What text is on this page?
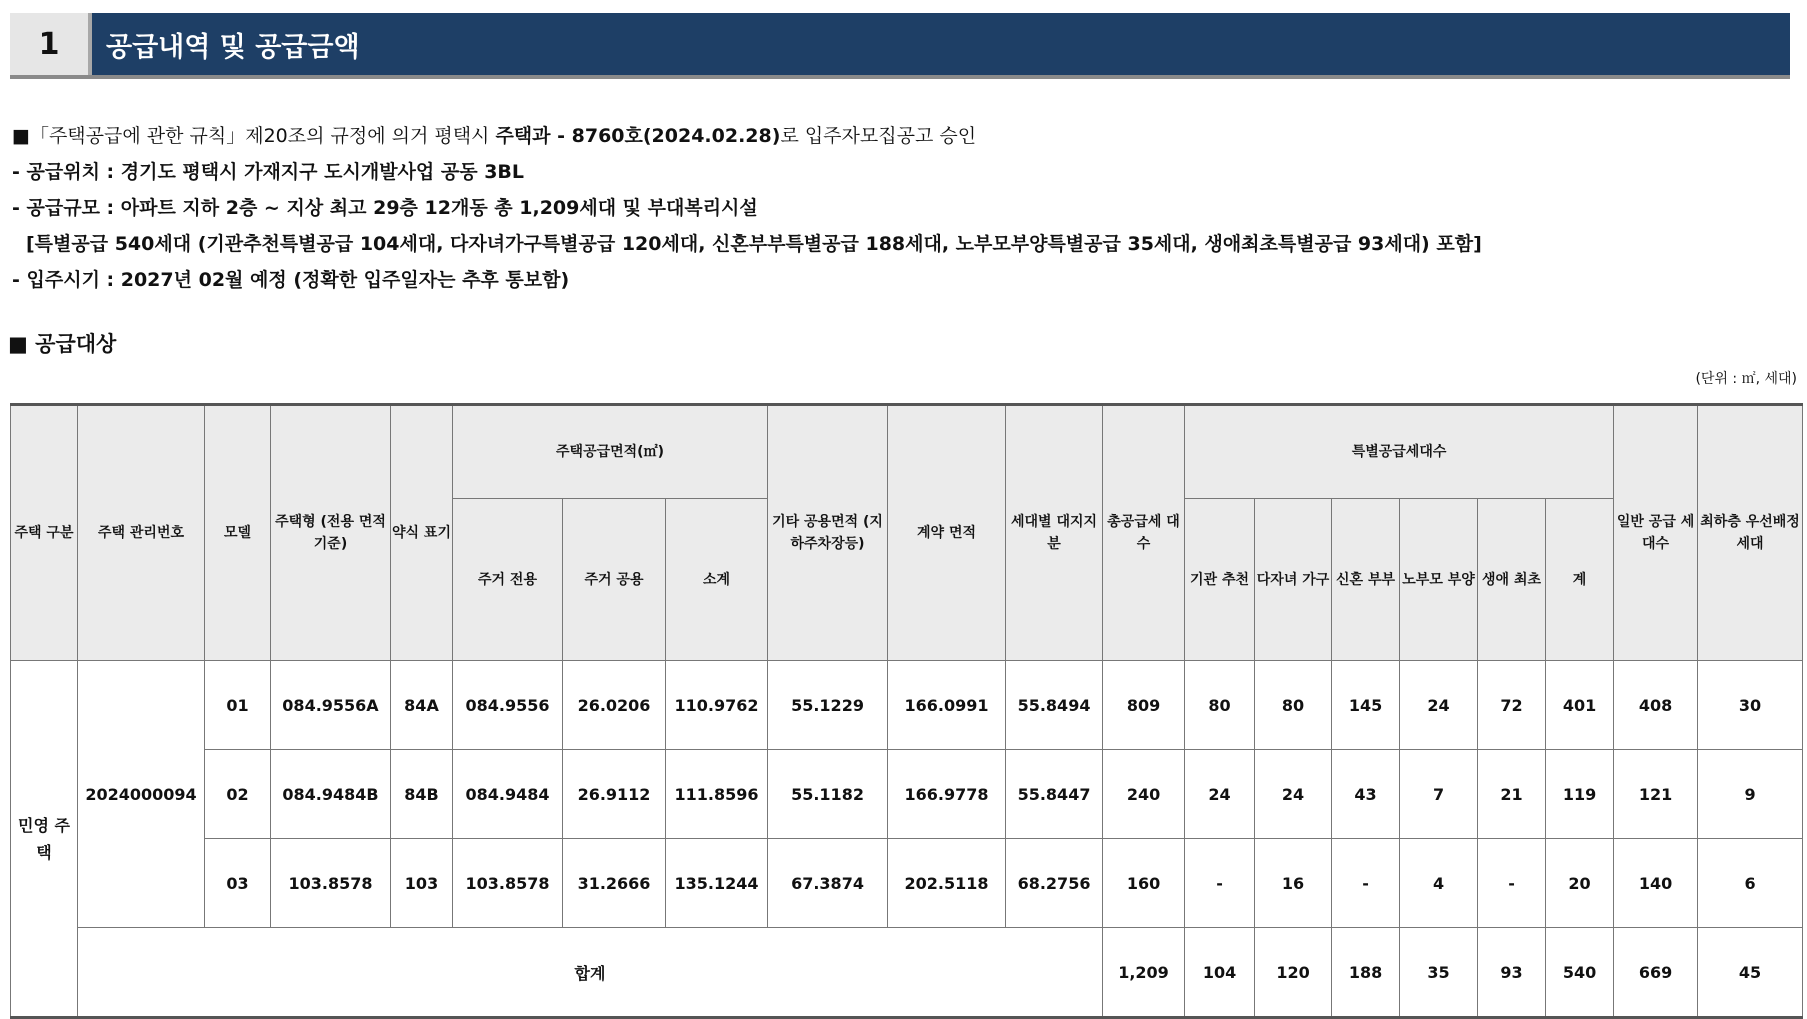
1	공급내역 및 공급금액
■「주택공급에 관한 규칙」제20조의 규정에 의거 평택시 주택과 - 8760호(2024.02.28)로 입주자모집공고 승인
- 공급위치 : 경기도 평택시 가재지구 도시개발사업 공동 3BL
- 공급규모 : 아파트 지하 2층 ~ 지상 최고 29층 12개동 총 1,209세대 및 부대복리시설
[특별공급 540세대 (기관추천특별공급 104세대, 다자녀가구특별공급 120세대, 신혼부부특별공급 188세대, 노부모부양특별공급 35세대, 생애최초특별공급 93세대) 포함]
- 입주시기 : 2027년 02월 예정 (정확한 입주일자는 추후 통보함)
■ 공급대상
(단위 : ㎡, 세대)
주택 구분	주택 관리번호	모델	주택형 (전용 면적기준)	약식 표기	주택공급면적(㎡)			기타 공용면적 (지하주차장등)	계약 면적	세대별 대지지분	총공급세 대수	특별공급세대수						일반 공급 세대수	최하층 우선배정 세대
					주거 전용	주거 공용	소계					기관 추천	다자녀 가구	신혼 부부	노부모 부양	생애 최초	계		
민영 주택	2024000094	01	084.9556A	84A	084.9556	26.0206	110.9762	55.1229	166.0991	55.8494	809	80	80	145	24	72	401	408	30
		02	084.9484B	84B	084.9484	26.9112	111.8596	55.1182	166.9778	55.8447	240	24	24	43	7	21	119	121	9
		03	103.8578	103	103.8578	31.2666	135.1244	67.3874	202.5118	68.2756	160	-	16	-	4	-	20	140	6
	합계										1,209	104	120	188	35	93	540	669	45
